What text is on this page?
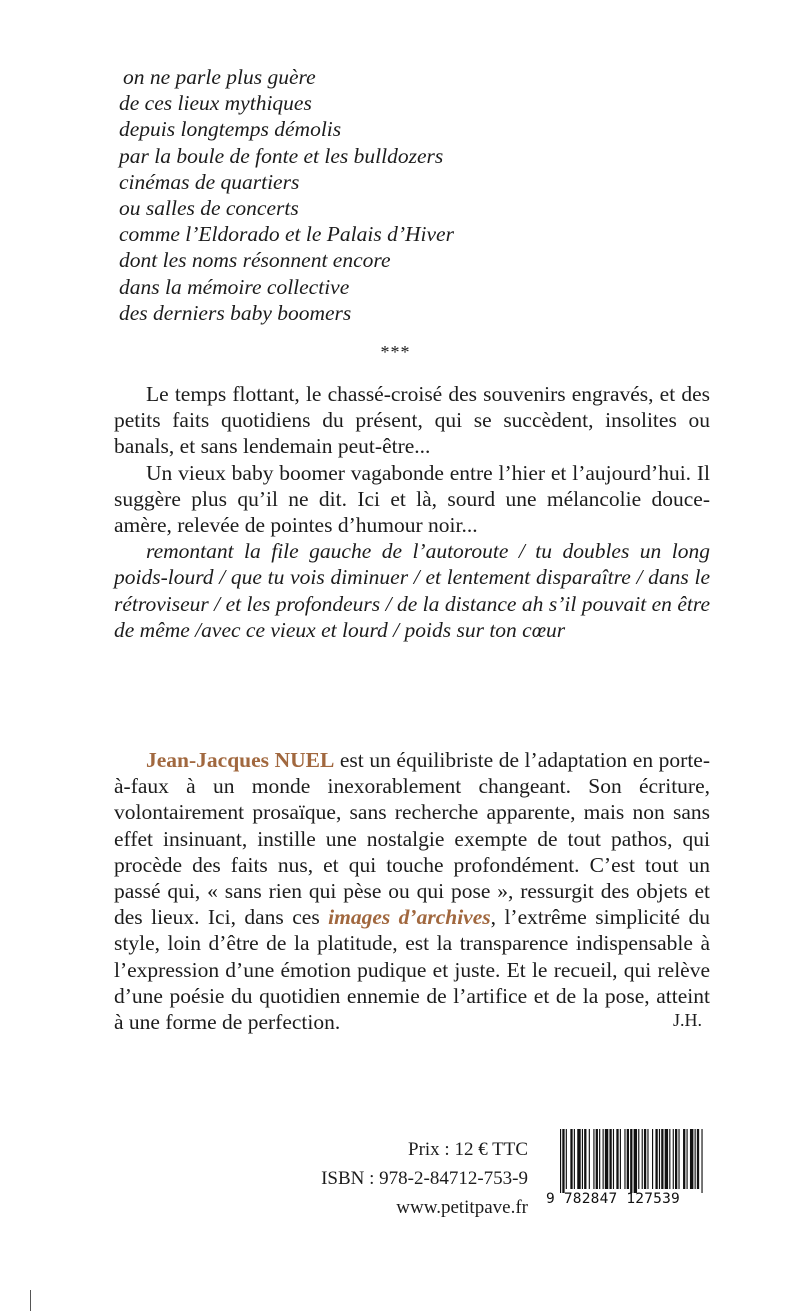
on ne parle plus guère
de ces lieux mythiques
depuis longtemps démolis
par la boule de fonte et les bulldozers
cinémas de quartiers
ou salles de concerts
comme l’Eldorado et le Palais d’Hiver
dont les noms résonnent encore
dans la mémoire collective
des derniers baby boomers
***

Le temps flottant, le chassé-croisé des souvenirs engravés, et des petits faits quotidiens du présent, qui se succèdent, insolites ou banals, et sans lendemain peut-être...

Un vieux baby boomer vagabonde entre l’hier et l’aujourd’hui. Il suggère plus qu’il ne dit. Ici et là, sourd une mélancolie douce-amère, relevée de pointes d’humour noir...

remontant la file gauche de l’autoroute / tu doubles un long poids-lourd / que tu vois diminuer / et lentement disparaître / dans le rétroviseur / et les profondeurs / de la distance ah s’il pouvait en être de même /avec ce vieux et lourd / poids sur ton cœur

Jean-Jacques NUEL est un équilibriste de l’adaptation en porte-à-faux à un monde inexorablement changeant. Son écriture, volontairement prosaïque, sans recherche apparente, mais non sans effet insinuant, instille une nostalgie exempte de tout pathos, qui procède des faits nus, et qui touche profondément. C’est tout un passé qui, « sans rien qui pèse ou qui pose », ressurgit des objets et des lieux. Ici, dans ces images d’archives, l’extrême simplicité du style, loin d’être de la platitude, est la transparence indispensable à l’expression d’une émotion pudique et juste. Et le recueil, qui relève d’une poésie du quotidien ennemie de l’artifice et de la pose, atteint à une forme de perfection.	J.H.
Prix : 12 € TTC
ISBN : 978-2-84712-753-9
www.petitpave.fr 9 782847 127539
